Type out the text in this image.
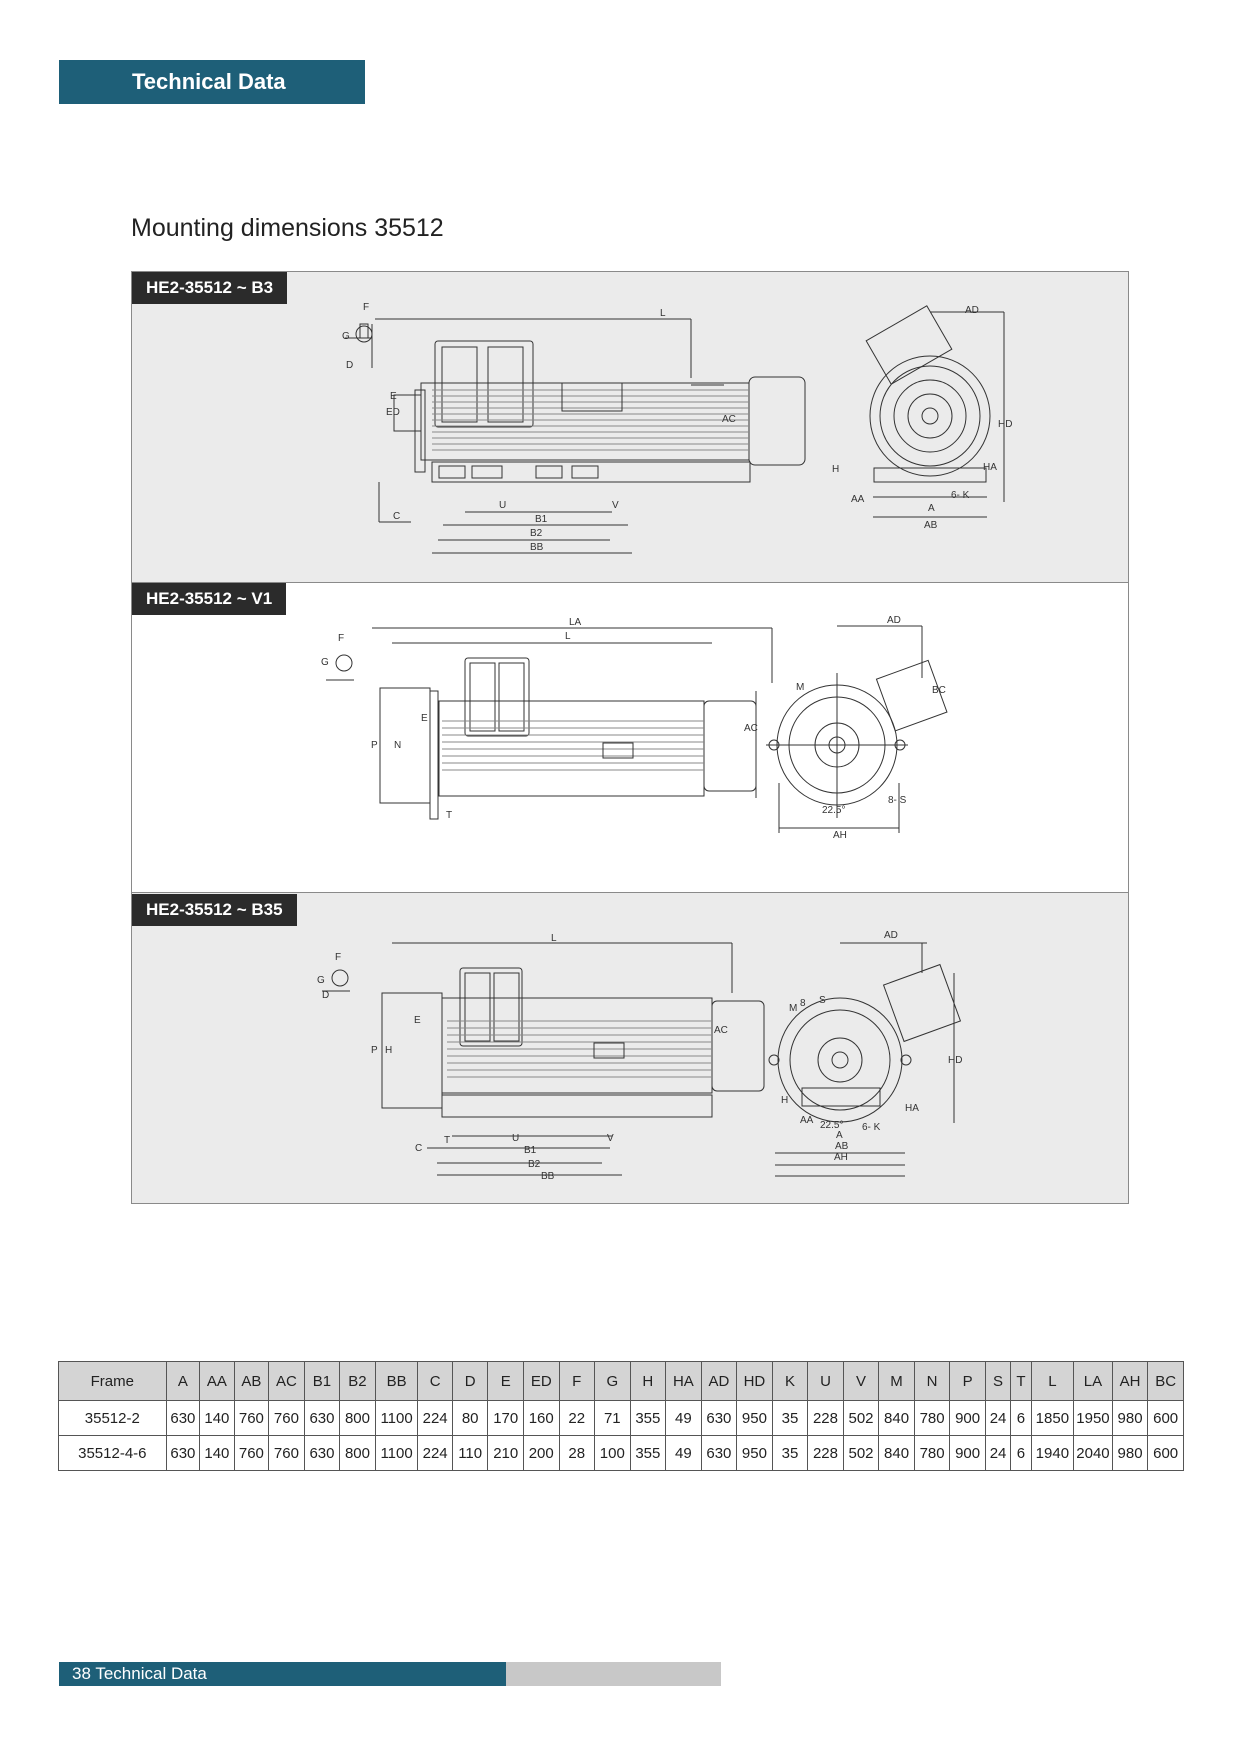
Technical Data
Mounting dimensions 35512
F
G
D
E
ED
L
AC
C
U
B1
V
B2
BB
AD
HD
H	HA
AA
A
6- K
AB
HE2-35512 ~ B3
F
G
LA
L
AC
E
P N
T
AD
BC
M
22.5°
8- S
AH
HE2-35512 ~ V1
F
G
D
L
AC
E
P H
C
T	U
B1
V
B2
BB
AD
8 S
M
HD
H
HA
AA 22.5° 6- K
A
AB
AH
HE2-35512 ~ B35
Frame	A	AA	AB	AC	B1	B2	BB	C	D	E	ED	F	G	H	HA	AD	HD	K	U	V	M	N	P	S	T	L	LA	AH	BC
35512-2	630	140	760	760	630	800	1100	224	80	170	160	22	71	355	49	630	950	35	228	502	840	780	900	24	6	1850	1950	980	600
35512-4-6	630	140	760	760	630	800	1100	224	110	210	200	28	100	355	49	630	950	35	228	502	840	780	900	24	6	1940	2040	980	600
38 Technical Data
